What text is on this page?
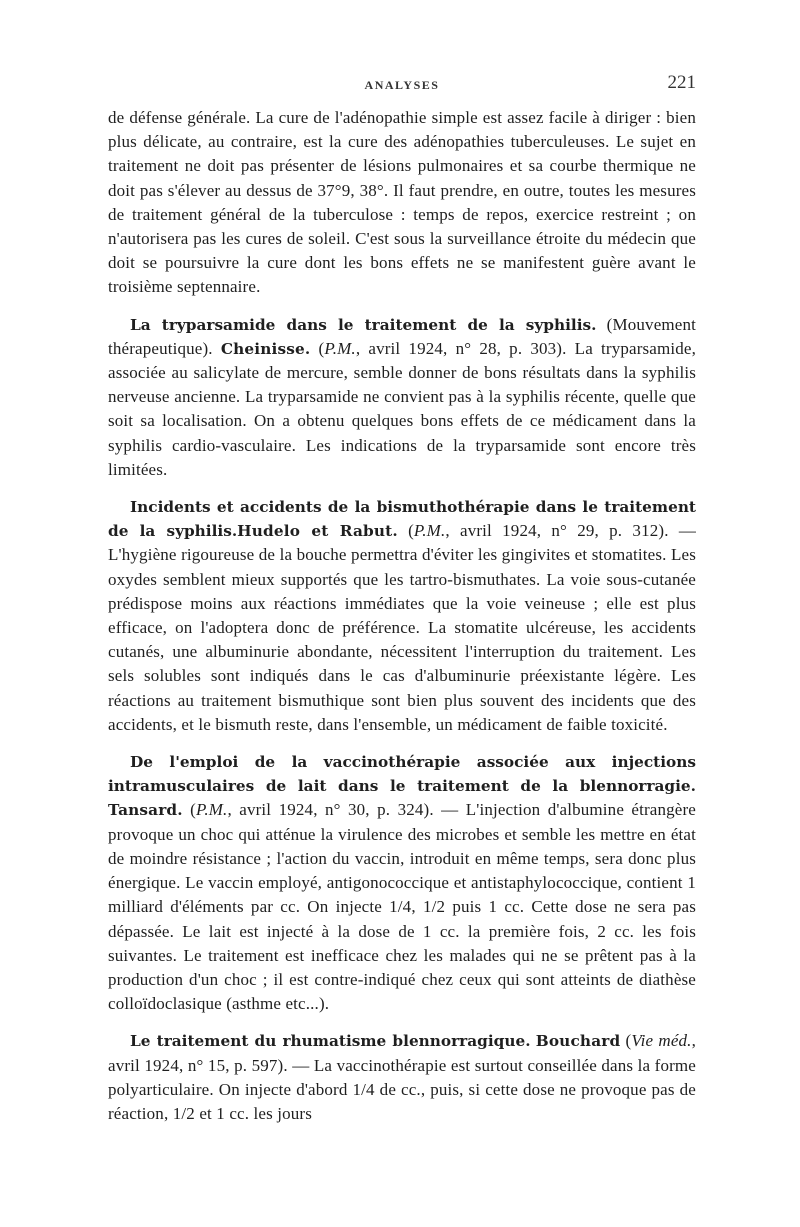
ANALYSES	221

de défense générale. La cure de l'adénopathie simple est assez facile à diriger : bien plus délicate, au contraire, est la cure des adénopathies tuberculeuses. Le sujet en traitement ne doit pas présenter de lésions pulmonaires et sa courbe thermique ne doit pas s'élever au dessus de 37°9, 38°. Il faut prendre, en outre, toutes les mesures de traitement général de la tuberculose : temps de repos, exercice restreint ; on n'autorisera pas les cures de soleil. C'est sous la surveillance étroite du médecin que doit se poursuivre la cure dont les bons effets ne se manifestent guère avant le troisième septennaire.

La tryparsamide dans le traitement de la syphilis. (Mouvement thérapeutique). Cheinisse. (P.M., avril 1924, n° 28, p. 303). La tryparsamide, associée au salicylate de mercure, semble donner de bons résultats dans la syphilis nerveuse ancienne. La tryparsamide ne convient pas à la syphilis récente, quelle que soit sa localisation. On a obtenu quelques bons effets de ce médicament dans la syphilis cardio-vasculaire. Les indications de la tryparsamide sont encore très limitées.

Incidents et accidents de la bismuthothérapie dans le traitement de la syphilis.Hudelo et Rabut. (P.M., avril 1924, n° 29, p. 312). — L'hygiène rigoureuse de la bouche permettra d'éviter les gingivites et stomatites. Les oxydes semblent mieux supportés que les tartro-bismuthates. La voie sous-cutanée prédispose moins aux réactions immédiates que la voie veineuse ; elle est plus efficace, on l'adoptera donc de préférence. La stomatite ulcéreuse, les accidents cutanés, une albuminurie abondante, nécessitent l'interruption du traitement. Les sels solubles sont indiqués dans le cas d'albuminurie préexistante légère. Les réactions au traitement bismuthique sont bien plus souvent des incidents que des accidents, et le bismuth reste, dans l'ensemble, un médicament de faible toxicité.

De l'emploi de la vaccinothérapie associée aux injections intramusculaires de lait dans le traitement de la blennorragie. Tansard. (P.M., avril 1924, n° 30, p. 324). — L'injection d'albumine étrangère provoque un choc qui atténue la virulence des microbes et semble les mettre en état de moindre résistance ; l'action du vaccin, introduit en même temps, sera donc plus énergique. Le vaccin employé, antigonococcique et antistaphylococcique, contient 1 milliard d'éléments par cc. On injecte 1/4, 1/2 puis 1 cc. Cette dose ne sera pas dépassée. Le lait est injecté à la dose de 1 cc. la première fois, 2 cc. les fois suivantes. Le traitement est inefficace chez les malades qui ne se prêtent pas à la production d'un choc ; il est contre-indiqué chez ceux qui sont atteints de diathèse colloïdoclasique (asthme etc...).

Le traitement du rhumatisme blennorragique. Bouchard (Vie méd., avril 1924, n° 15, p. 597). — La vaccinothérapie est surtout conseillée dans la forme polyarticulaire. On injecte d'abord 1/4 de cc., puis, si cette dose ne provoque pas de réaction, 1/2 et 1 cc. les jours
